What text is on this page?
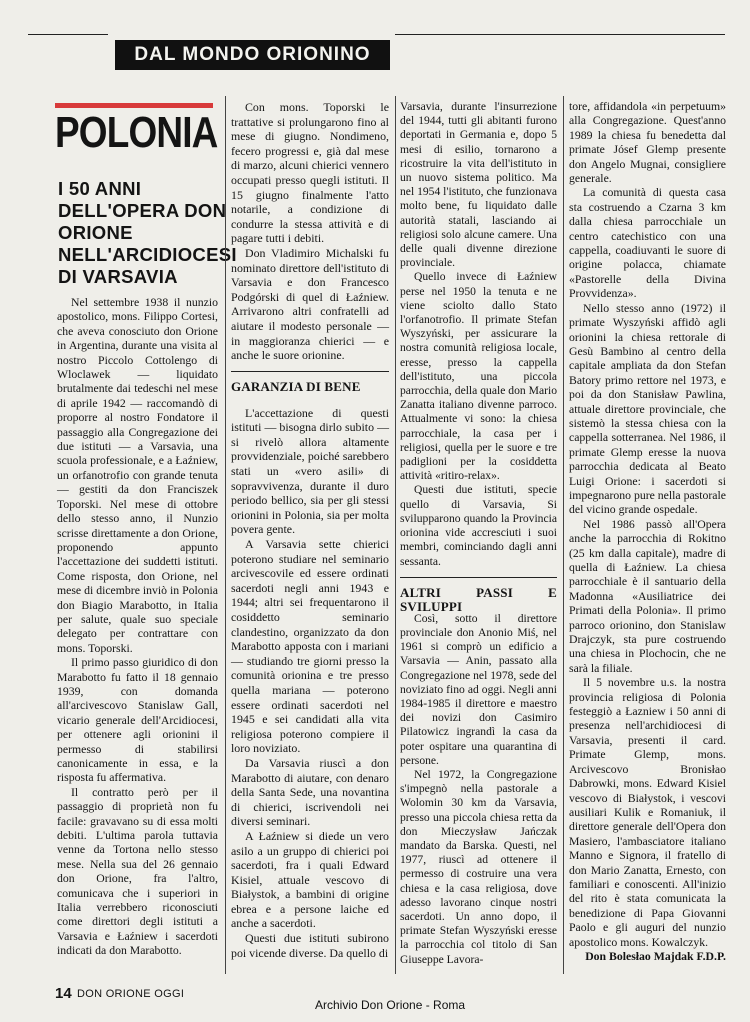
DAL MONDO ORIONINO
POLONIA
I 50 ANNI DELL'OPERA DON ORIONE NELL'ARCIDIOCESI DI VARSAVIA

Nel settembre 1938 il nunzio apostolico, mons. Filippo Cortesi, che aveva conosciuto don Orione in Argentina, durante una visita al nostro Piccolo Cottolengo di Wloclawek — liquidato brutalmente dai tedeschi nel mese di aprile 1942 — raccomandò di proporre al nostro Fondatore il passaggio alla Congregazione dei due istituti — a Varsavia, una scuola professionale, e a Łaźniew, un orfanotrofio con grande tenuta — gestiti da don Franciszek Toporski. Nel mese di ottobre dello stesso anno, il Nunzio scrisse direttamente a don Orione, proponendo appunto l'accettazione dei suddetti istituti. Come risposta, don Orione, nel mese di dicembre inviò in Polonia don Biagio Marabotto, in Italia per salute, quale suo speciale delegato per contrattare con mons. Toporski.

Il primo passo giuridico di don Marabotto fu fatto il 18 gennaio 1939, con domanda all'arcivescovo Stanislaw Gall, vicario generale dell'Arcidiocesi, per ottenere agli orionini il permesso di stabilirsi canonicamente in essa, e la risposta fu affermativa.

Il contratto però per il passaggio di proprietà non fu facile: gravavano su di essa molti debiti. L'ultima parola tuttavia venne da Tortona nello stesso mese. Nella sua del 26 gennaio don Orione, fra l'altro, comunicava che i superiori in Italia verrebbero riconosciuti come direttori degli istituti a Varsavia e Łaźniew i sacerdoti indicati da don Marabotto.

Con mons. Toporski le trattative si prolungarono fino al mese di giugno. Nondimeno, fecero progressi e, già dal mese di marzo, alcuni chierici vennero occupati presso quegli istituti. Il 15 giugno finalmente l'atto notarile, a condizione di condurre la stessa attività e di pagare tutti i debiti.

Don Vladimiro Michalski fu nominato direttore dell'istituto di Varsavia e don Francesco Podgórski di quel di Łaźniew. Arrivarono altri confratelli ad aiutare il modesto personale — in maggioranza chierici — e anche le suore orionine.

GARANZIA DI BENE

L'accettazione di questi istituti — bisogna dirlo subito — si rivelò allora altamente provvidenziale, poiché sarebbero stati un «vero asili» di sopravvivenza, durante il duro periodo bellico, sia per gli stessi orionini in Polonia, sia per molta povera gente.

A Varsavia sette chierici poterono studiare nel seminario arcivescovile ed essere ordinati sacerdoti negli anni 1943 e 1944; altri sei frequentarono il cosiddetto seminario clandestino, organizzato da don Marabotto apposta con i mariani — studiando tre giorni presso la comunità orionina e tre presso quella mariana — poterono essere ordinati sacerdoti nel 1945 e sei candidati alla vita religiosa poterono compiere il loro noviziato.

Da Varsavia riuscì a don Marabotto di aiutare, con denaro della Santa Sede, una novantina di chierici, iscrivendoli nei diversi seminari.

A Łaźniew si diede un vero asilo a un gruppo di chierici poi sacerdoti, fra i quali Edward Kisiel, attuale vescovo di Białystok, a bambini di origine ebrea e a persone laiche ed anche a sacerdoti.

Questi due istituti subirono poi vicende diverse. Da quello di

Varsavia, durante l'insurrezione del 1944, tutti gli abitanti furono deportati in Germania e, dopo 5 mesi di esilio, tornarono a ricostruire la vita dell'istituto in un nuovo sistema politico. Ma nel 1954 l'istituto, che funzionava molto bene, fu liquidato dalle autorità statali, lasciando ai religiosi solo alcune camere. Una delle quali divenne direzione provinciale.

Quello invece di Łaźniew perse nel 1950 la tenuta e ne viene sciolto dallo Stato l'orfanotrofio. Il primate Stefan Wyszyński, per assicurare la nostra comunità religiosa locale, eresse, presso la cappella dell'istituto, una piccola parrocchia, della quale don Mario Zanatta italiano divenne parroco. Attualmente vi sono: la chiesa parrocchiale, la casa per i religiosi, quella per le suore e tre padiglioni per la cosiddetta attività «ritiro-relax».

Questi due istituti, specie quello di Varsavia, Si svilupparono quando la Provincia orionina vide accresciuti i suoi membri, cominciando dagli anni sessanta.

ALTRI PASSI E SVILUPPI

Così, sotto il direttore provinciale don Anonio Miś, nel 1961 si comprò un edificio a Varsavia — Anin, passato alla Congregazione nel 1978, sede del noviziato fino ad oggi. Negli anni 1984-1985 il direttore e maestro dei novizi don Casimiro Pilatowicz ingrandì la casa da poter ospitare una quarantina di persone.

Nel 1972, la Congregazione s'impegnò nella pastorale a Wolomin 30 km da Varsavia, presso una piccola chiesa retta da don Mieczysław Jańczak mandato da Barska. Questi, nel 1977, riuscì ad ottenere il permesso di costruire una vera chiesa e la casa religiosa, dove adesso lavorano cinque nostri sacerdoti. Un anno dopo, il primate Stefan Wyszyński eresse la parrocchia col titolo di San Giuseppe Lavora-

tore, affidandola «in perpetuum» alla Congregazione. Quest'anno 1989 la chiesa fu benedetta dal primate Jósef Glemp presente don Angelo Mugnai, consigliere generale.

La comunità di questa casa sta costruendo a Czarna 3 km dalla chiesa parrocchiale un centro catechistico con una cappella, coadiuvanti le suore di origine polacca, chiamate «Pastorelle della Divina Provvidenza».

Nello stesso anno (1972) il primate Wyszyński affidò agli orionini la chiesa rettorale di Gesù Bambino al centro della capitale ampliata da don Stefan Batory primo rettore nel 1973, e poi da don Stanisław Pawlina, attuale direttore provinciale, che sistemò la stessa chiesa con la cappella sotterranea. Nel 1986, il primate Glemp eresse la nuova parrocchia dedicata al Beato Luigi Orione: i sacerdoti si impegnarono pure nella pastorale del vicino grande ospedale.

Nel 1986 passò all'Opera anche la parrocchia di Rokitno (25 km dalla capitale), madre di quella di Łaźniew. La chiesa parrocchiale è il santuario della Madonna «Ausiliatrice dei Primati della Polonia». Il primo parroco orionino, don Stanislaw Drajczyk, sta pure costruendo una chiesa in Plochocin, che ne sarà la filiale.

Il 5 novembre u.s. la nostra provincia religiosa di Polonia festeggiò a Łazniew i 50 anni di presenza nell'archidiocesi di Varsavia, presenti il card. Primate Glemp, mons. Arcivescovo Bronisłao Dabrowki, mons. Edward Kisiel vescovo di Białystok, i vescovi ausiliari Kulik e Romaniuk, il direttore generale dell'Opera don Masiero, l'ambasciatore italiano Manno e Signora, il fratello di don Mario Zanatta, Ernesto, con familiari e conoscenti. All'inizio del rito è stata comunicata la benedizione di Papa Giovanni Paolo e gli auguri del nunzio apostolico mons. Kowalczyk.

Don Bolesłao Majdak F.D.P.

14 DON ORIONE OGGI
Archivio Don Orione - Roma
